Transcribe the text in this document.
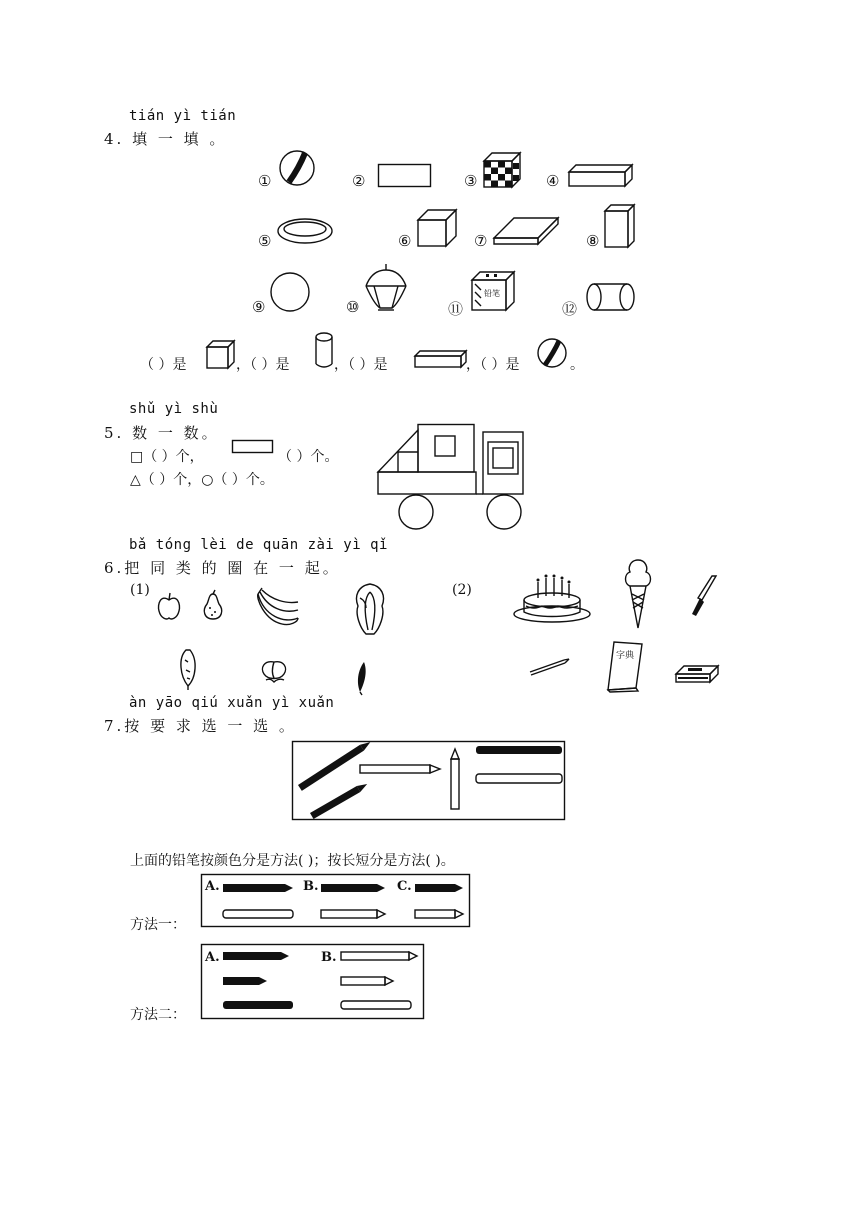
tián yì tián
4. 填 一 填 。
①	②	③	④
⑤	⑥	⑦	⑧
⑨	⑩	⑪
铅笔
⑫
（ ）是	，（ ）是	，（ ）是	，（ ）是	。
shǔ yì shù
5. 数 一 数。
□（ ）个，	（ ）个。
△（ ）个，○（ ）个。
bǎ tóng lèi de quān zài yì qǐ
6.把 同 类 的 圈 在 一 起。
(1)	(2)
字典
àn yāo qiú xuǎn yì xuǎn
7.按 要 求 选 一 选 。
上面的铅笔按颜色分是方法( )；按长短分是方法( )。
A.	B.	C.
方法一：
A.	B.
方法二：
